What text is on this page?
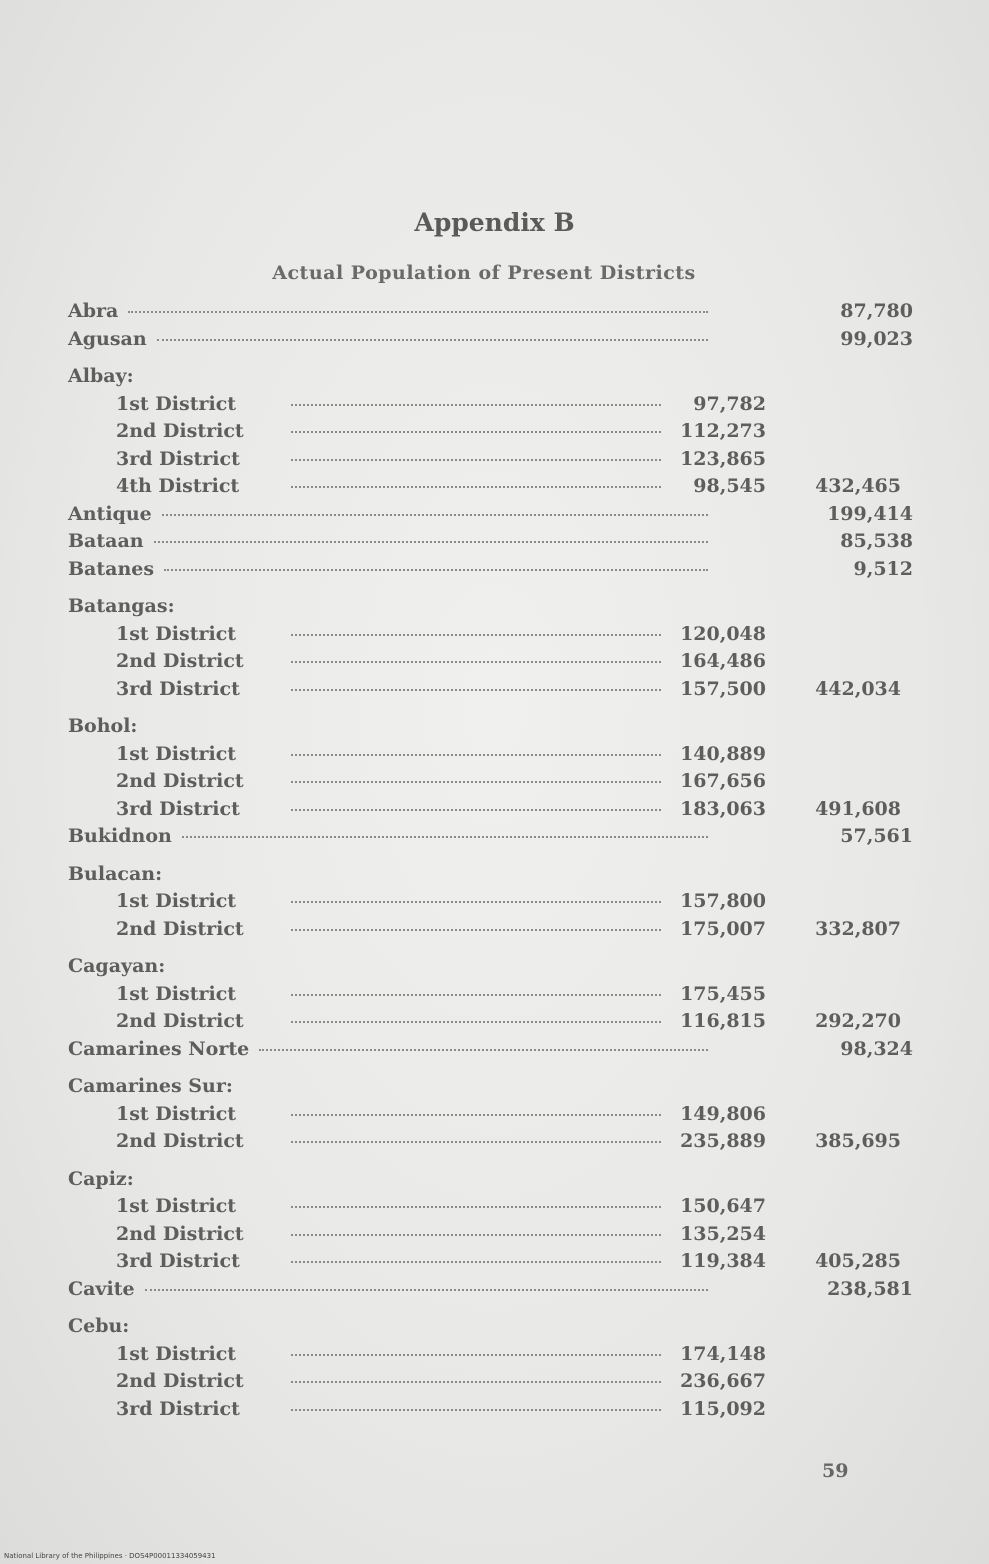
Appendix B
Actual Population of Present Districts
Abra	87,780
Agusan	99,023
Albay:
1st District	97,782
2nd District	112,273
3rd District	123,865
4th District	98,545	432,465
Antique	199,414
Bataan	85,538
Batanes	9,512
Batangas:
1st District	120,048
2nd District	164,486
3rd District	157,500	442,034
Bohol:
1st District	140,889
2nd District	167,656
3rd District	183,063	491,608
Bukidnon	57,561
Bulacan:
1st District	157,800
2nd District	175,007	332,807
Cagayan:
1st District	175,455
2nd District	116,815	292,270
Camarines Norte	98,324
Camarines Sur:
1st District	149,806
2nd District	235,889	385,695
Capiz:
1st District	150,647
2nd District	135,254
3rd District	119,384	405,285
Cavite	238,581
Cebu:
1st District	174,148
2nd District	236,667
3rd District	115,092
59
National Library of the Philippines · DOS4P00011334059431
